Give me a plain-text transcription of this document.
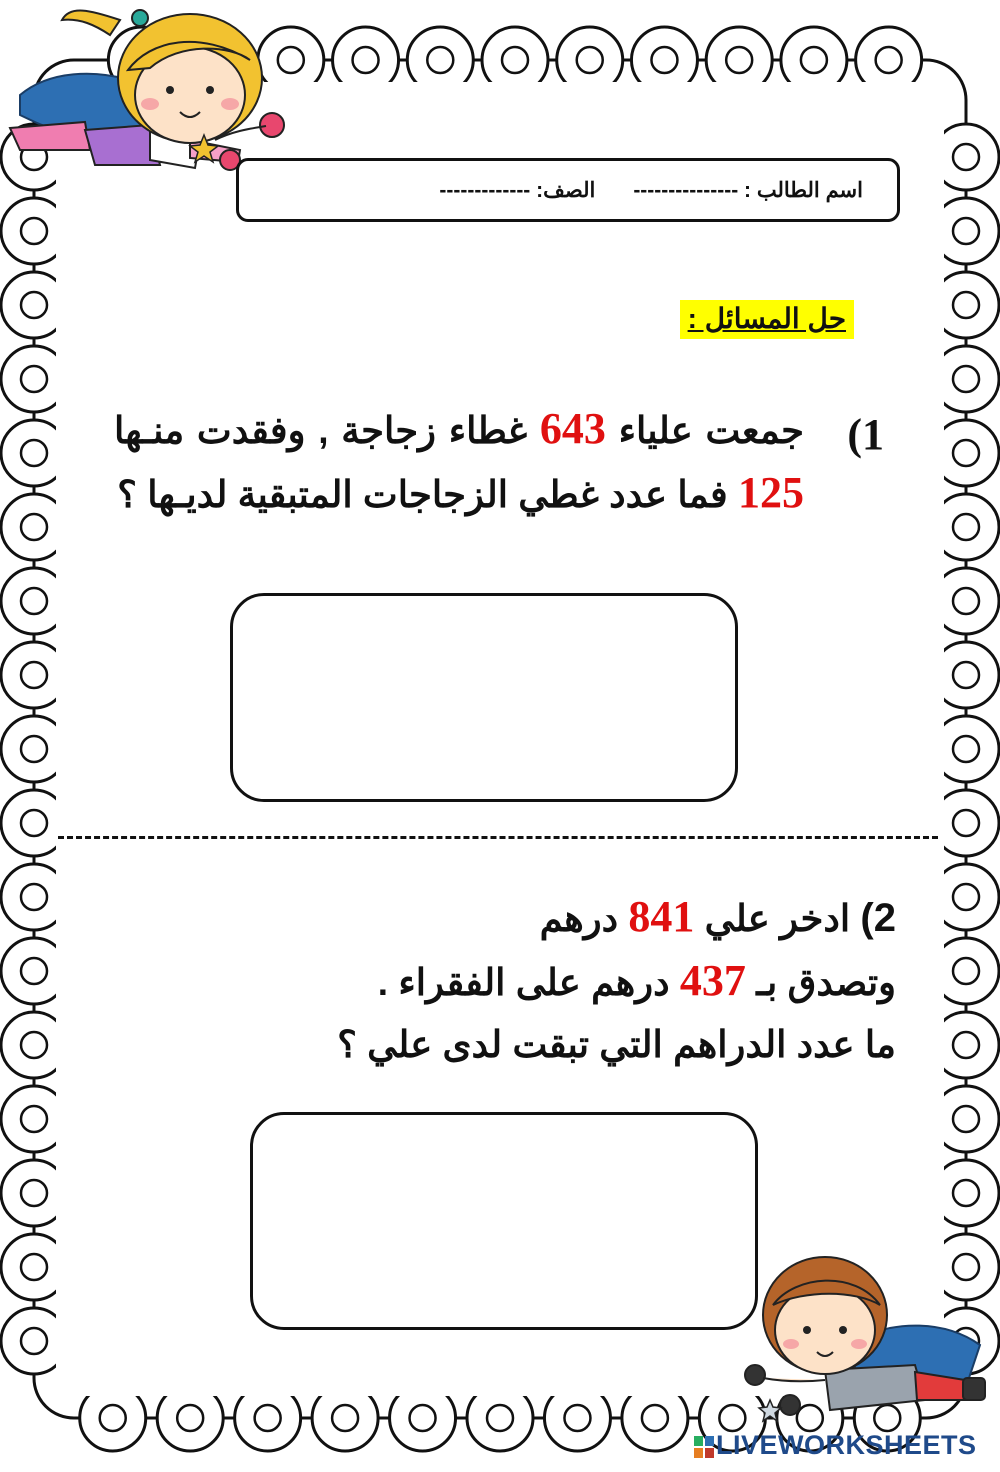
اسم الطالب : ---------------
الصف: -------------
حل المسائل :
1)
جمعت علياء 643 غطاء زجاجة , وفقدت منـها 125 فما عدد غطي الزجاجات المتبقية لديـها ؟
2) ادخر علي 841 درهم
وتصدق بـ 437 درهم على الفقراء .
ما عدد الدراهم التي تبقت لدى علي ؟
LIVEWORKSHEETS
